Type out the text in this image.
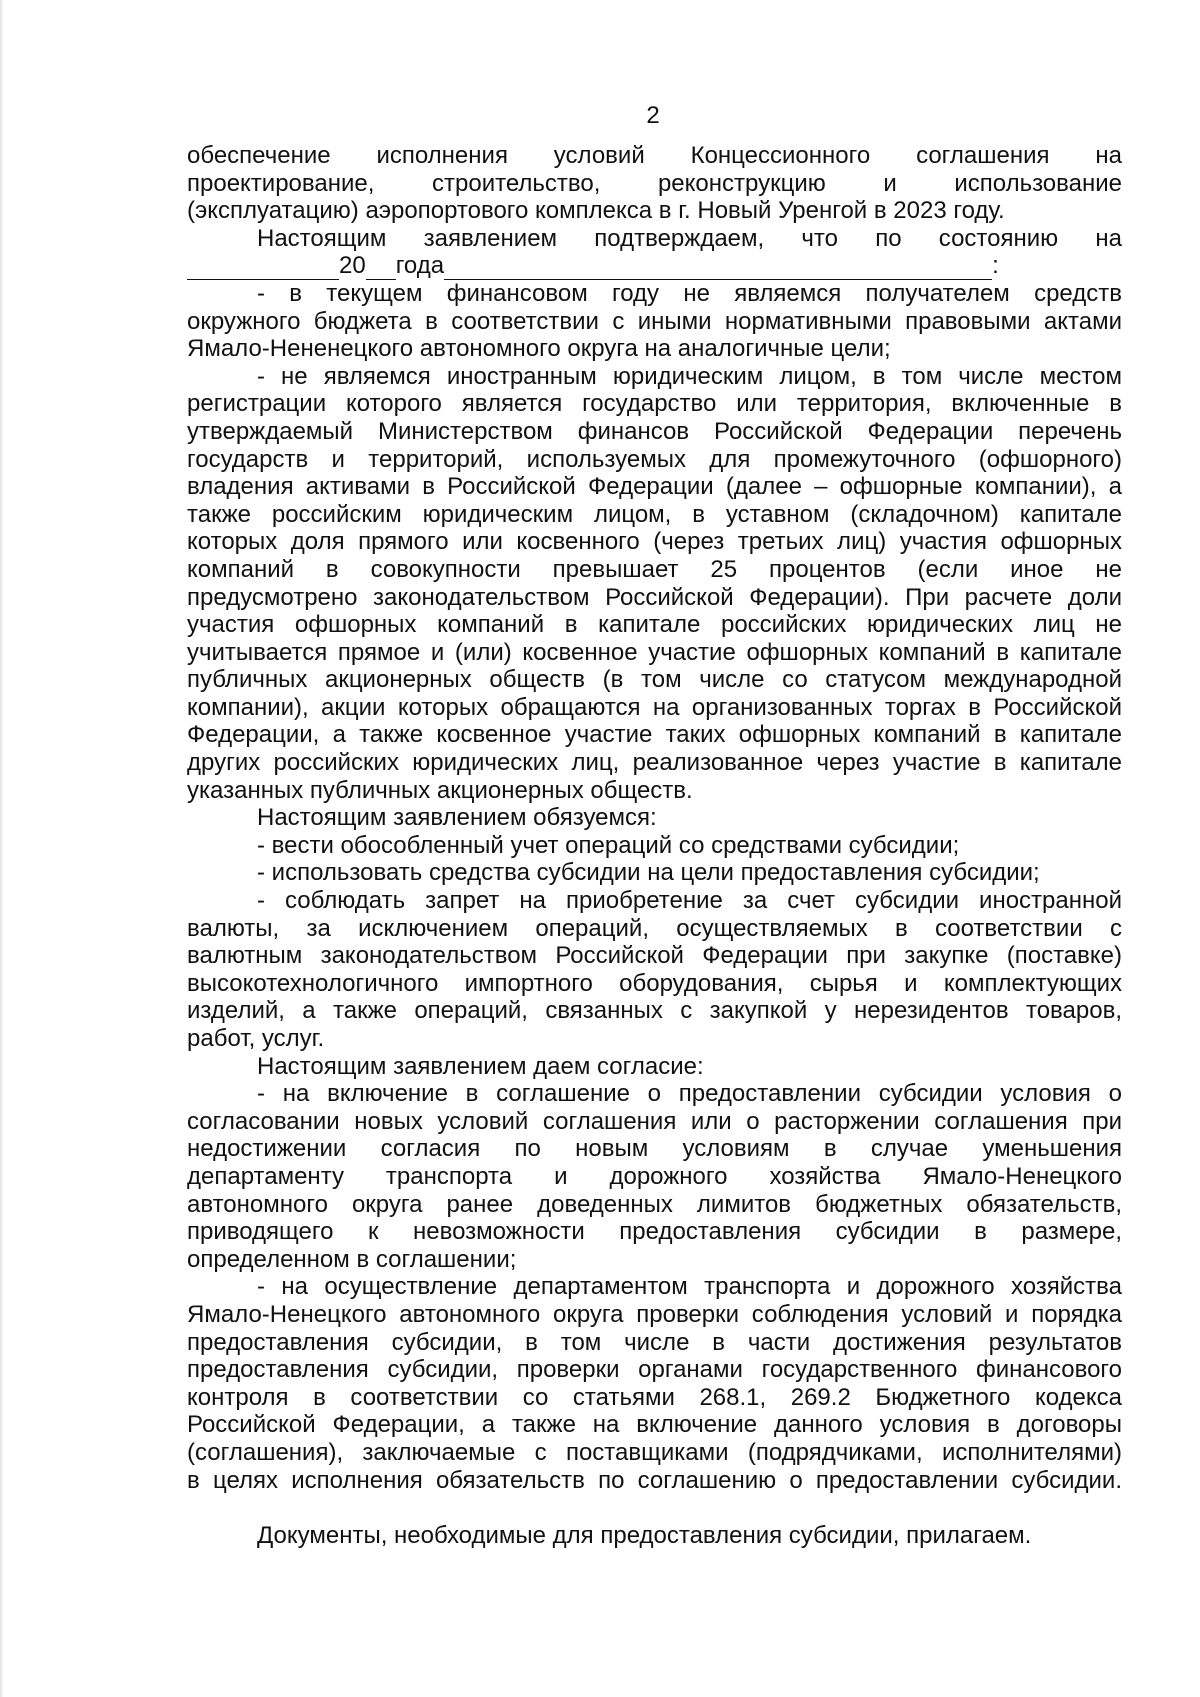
2
обеспечение исполнения условий Концессионного соглашения на
проектирование, строительство, реконструкцию и использование
(эксплуатацию) аэропортового комплекса в г. Новый Уренгой в 2023 году.
Настоящим заявлением подтверждаем, что по состоянию на
20 года	:
- в текущем финансовом году не являемся получателем средств
окружного бюджета в соответствии с иными нормативными правовыми актами
Ямало-Нененецкого автономного округа на аналогичные цели;
- не являемся иностранным юридическим лицом, в том числе местом
регистрации которого является государство или территория, включенные в
утверждаемый Министерством финансов Российской Федерации перечень
государств и территорий, используемых для промежуточного (офшорного)
владения активами в Российской Федерации (далее – офшорные компании), а
также российским юридическим лицом, в уставном (складочном) капитале
которых доля прямого или косвенного (через третьих лиц) участия офшорных
компаний в совокупности превышает 25 процентов (если иное не
предусмотрено законодательством Российской Федерации). При расчете доли
участия офшорных компаний в капитале российских юридических лиц не
учитывается прямое и (или) косвенное участие офшорных компаний в капитале
публичных акционерных обществ (в том числе со статусом международной
компании), акции которых обращаются на организованных торгах в Российской
Федерации, а также косвенное участие таких офшорных компаний в капитале
других российских юридических лиц, реализованное через участие в капитале
указанных публичных акционерных обществ.
Настоящим заявлением обязуемся:
- вести обособленный учет операций со средствами субсидии;
- использовать средства субсидии на цели предоставления субсидии;
- соблюдать запрет на приобретение за счет субсидии иностранной
валюты, за исключением операций, осуществляемых в соответствии с
валютным законодательством Российской Федерации при закупке (поставке)
высокотехнологичного импортного оборудования, сырья и комплектующих
изделий, а также операций, связанных с закупкой у нерезидентов товаров,
работ, услуг.
Настоящим заявлением даем согласие:
- на включение в соглашение о предоставлении субсидии условия о
согласовании новых условий соглашения или о расторжении соглашения при
недостижении согласия по новым условиям в случае уменьшения
департаменту транспорта и дорожного хозяйства Ямало-Ненецкого
автономного округа ранее доведенных лимитов бюджетных обязательств,
приводящего к невозможности предоставления субсидии в размере,
определенном в соглашении;
- на осуществление департаментом транспорта и дорожного хозяйства
Ямало-Ненецкого автономного округа проверки соблюдения условий и порядка
предоставления субсидии, в том числе в части достижения результатов
предоставления субсидии, проверки органами государственного финансового
контроля в соответствии со статьями 268.1, 269.2 Бюджетного кодекса
Российской Федерации, а также на включение данного условия в договоры
(соглашения), заключаемые с поставщиками (подрядчиками, исполнителями)
в целях исполнения обязательств по соглашению о предоставлении субсидии.
Документы, необходимые для предоставления субсидии, прилагаем.
